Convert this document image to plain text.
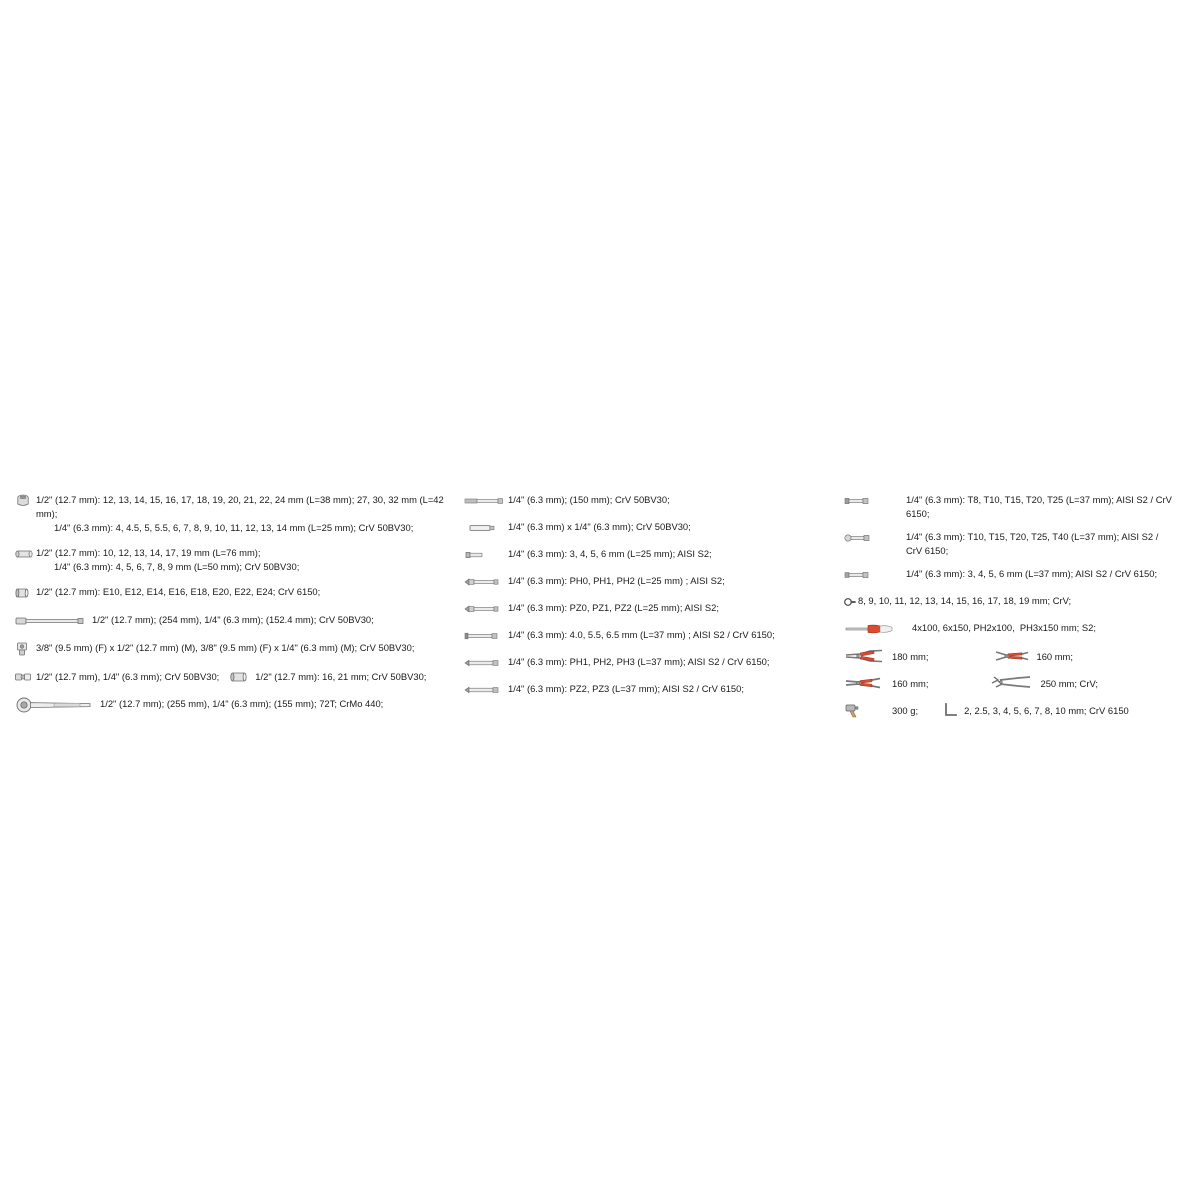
1/2" (12.7 mm): 12, 13, 14, 15, 16, 17, 18, 19, 20, 21, 22, 24 mm (L=38 mm); 27, 30, 32 mm (L=42 mm);
1/4" (6.3 mm): 4, 4.5, 5, 5.5, 6, 7, 8, 9, 10, 11, 12, 13, 14 mm (L=25 mm); CrV 50BV30;
1/2" (12.7 mm): 10, 12, 13, 14, 17, 19 mm (L=76 mm);
1/4" (6.3 mm): 4, 5, 6, 7, 8, 9 mm (L=50 mm); CrV 50BV30;
1/2" (12.7 mm): E10, E12, E14, E16, E18, E20, E22, E24; CrV 6150;
1/2" (12.7 mm); (254 mm), 1/4" (6.3 mm); (152.4 mm); CrV 50BV30;
3/8" (9.5 mm) (F) x 1/2" (12.7 mm) (M), 3/8" (9.5 mm) (F) x 1/4" (6.3 mm) (M); CrV 50BV30;
1/2" (12.7 mm), 1/4" (6.3 mm); CrV 50BV30;	1/2" (12.7 mm): 16, 21 mm; CrV 50BV30;
1/2" (12.7 mm); (255 mm), 1/4" (6.3 mm); (155 mm); 72T; CrMo 440;
1/4" (6.3 mm); (150 mm); CrV 50BV30;
1/4" (6.3 mm) x 1/4" (6.3 mm); CrV 50BV30;
1/4" (6.3 mm): 3, 4, 5, 6 mm (L=25 mm); AISI S2;
1/4" (6.3 mm): PH0, PH1, PH2 (L=25 mm) ; AISI S2;
1/4" (6.3 mm): PZ0, PZ1, PZ2 (L=25 mm); AISI S2;
1/4" (6.3 mm): 4.0, 5.5, 6.5 mm (L=37 mm) ; AISI S2 / CrV 6150;
1/4" (6.3 mm): PH1, PH2, PH3 (L=37 mm); AISI S2 / CrV 6150;
1/4" (6.3 mm): PZ2, PZ3 (L=37 mm); AISI S2 / CrV 6150;
1/4" (6.3 mm): T8, T10, T15, T20, T25 (L=37 mm); AISI S2 / CrV 6150;
1/4" (6.3 mm): T10, T15, T20, T25, T40 (L=37 mm); AISI S2 / CrV 6150;
1/4" (6.3 mm): 3, 4, 5, 6 mm (L=37 mm); AISI S2 / CrV 6150;
8, 9, 10, 11, 12, 13, 14, 15, 16, 17, 18, 19 mm; CrV;
4x100, 6x150, PH2x100,  PH3x150 mm; S2;
180 mm;	160 mm;
160 mm;	250 mm; CrV;
300 g;	2, 2.5, 3, 4, 5, 6, 7, 8, 10 mm; CrV 6150
